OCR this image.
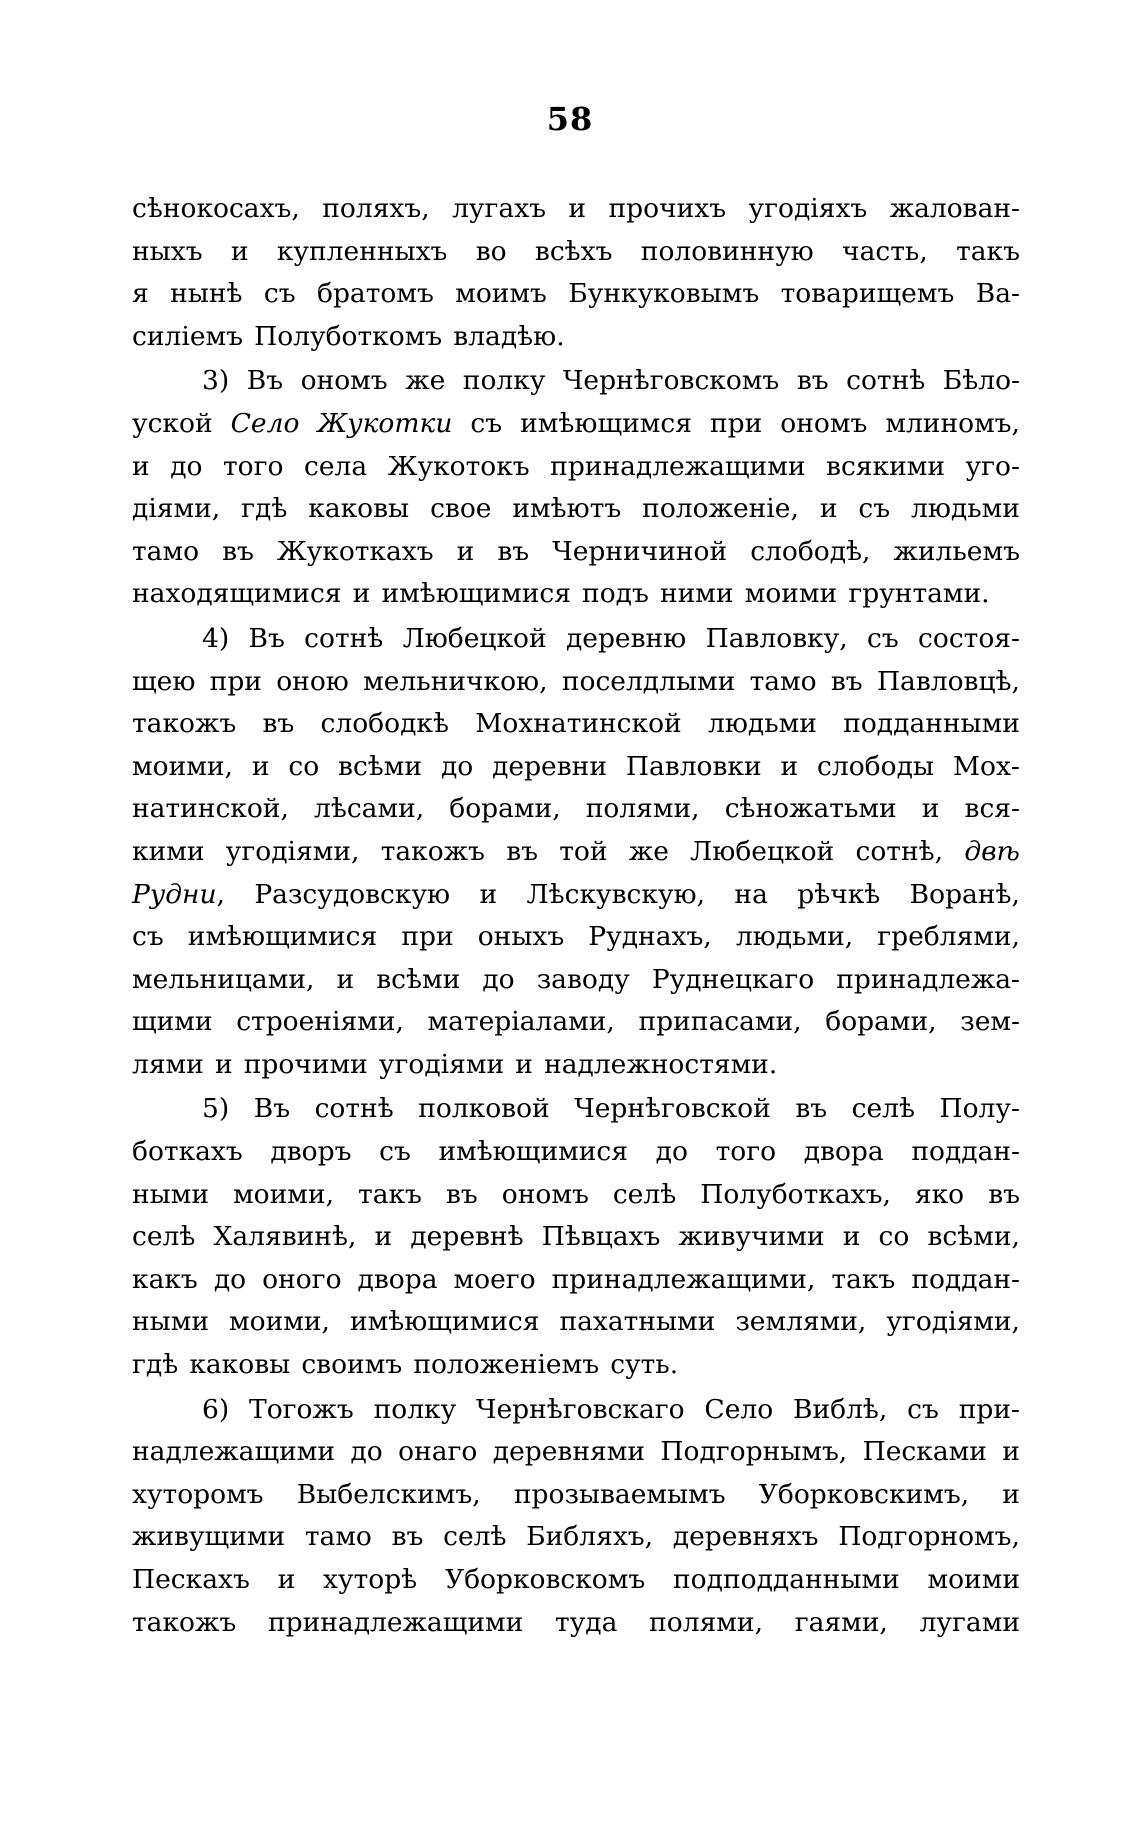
58
сѣнокосахъ, поляхъ, лугахъ и прочихъ угодіяхъ жалован-
ныхъ и купленныхъ во всѣхъ половинную часть, такъ
я нынѣ съ братомъ моимъ Бункуковымъ товарищемъ Ва-
силіемъ Полуботкомъ владѣю.
3) Въ ономъ же полку Чернѣговскомъ въ сотнѣ Бѣло-
уской Село Жукотки съ имѣющимся при ономъ млиномъ,
и до того села Жукотокъ принадлежащими всякими уго-
діями, гдѣ каковы свое имѣютъ положеніе, и съ людьми
тамо въ Жукоткахъ и въ Черничиной слободѣ, жильемъ
находящимися и имѣющимися подъ ними моими грунтами.
4) Въ сотнѣ Любецкой деревню Павловку, съ состоя-
щею при оною мельничкою, поселдлыми тамо въ Павловцѣ,
такожъ въ слободкѣ Мохнатинской людьми подданными
моими, и со всѣми до деревни Павловки и слободы Мох-
натинской, лѣсами, борами, полями, сѣножатьми и вся-
кими угодіями, такожъ въ той же Любецкой сотнѣ, двѣ
Рудни, Разсудовскую и Лѣскувскую, на рѣчкѣ Воранѣ,
съ имѣющимися при оныхъ Руднахъ, людьми, греблями,
мельницами, и всѣми до заводу Руднецкаго принадлежа-
щими строеніями, матеріалами, припасами, борами, зем-
лями и прочими угодіями и надлежностями.
5) Въ сотнѣ полковой Чернѣговской въ селѣ Полу-
боткахъ дворъ съ имѣющимися до того двора поддан-
ными моими, такъ въ ономъ селѣ Полуботкахъ, яко въ
селѣ Халявинѣ, и деревнѣ Пѣвцахъ живучими и со всѣми,
какъ до оного двора моего принадлежащими, такъ поддан-
ными моими, имѣющимися пахатными землями, угодіями,
гдѣ каковы своимъ положеніемъ суть.
6) Тогожъ полку Чернѣговскаго Село Виблѣ, съ при-
надлежащими до онаго деревнями Подгорнымъ, Песками и
хуторомъ Выбелскимъ, прозываемымъ Уборковскимъ, и
живущими тамо въ селѣ Библяхъ, деревняхъ Подгорномъ,
Пескахъ и хуторѣ Уборковскомъ подподданными моими
такожъ принадлежащими туда полями, гаями, лугами
